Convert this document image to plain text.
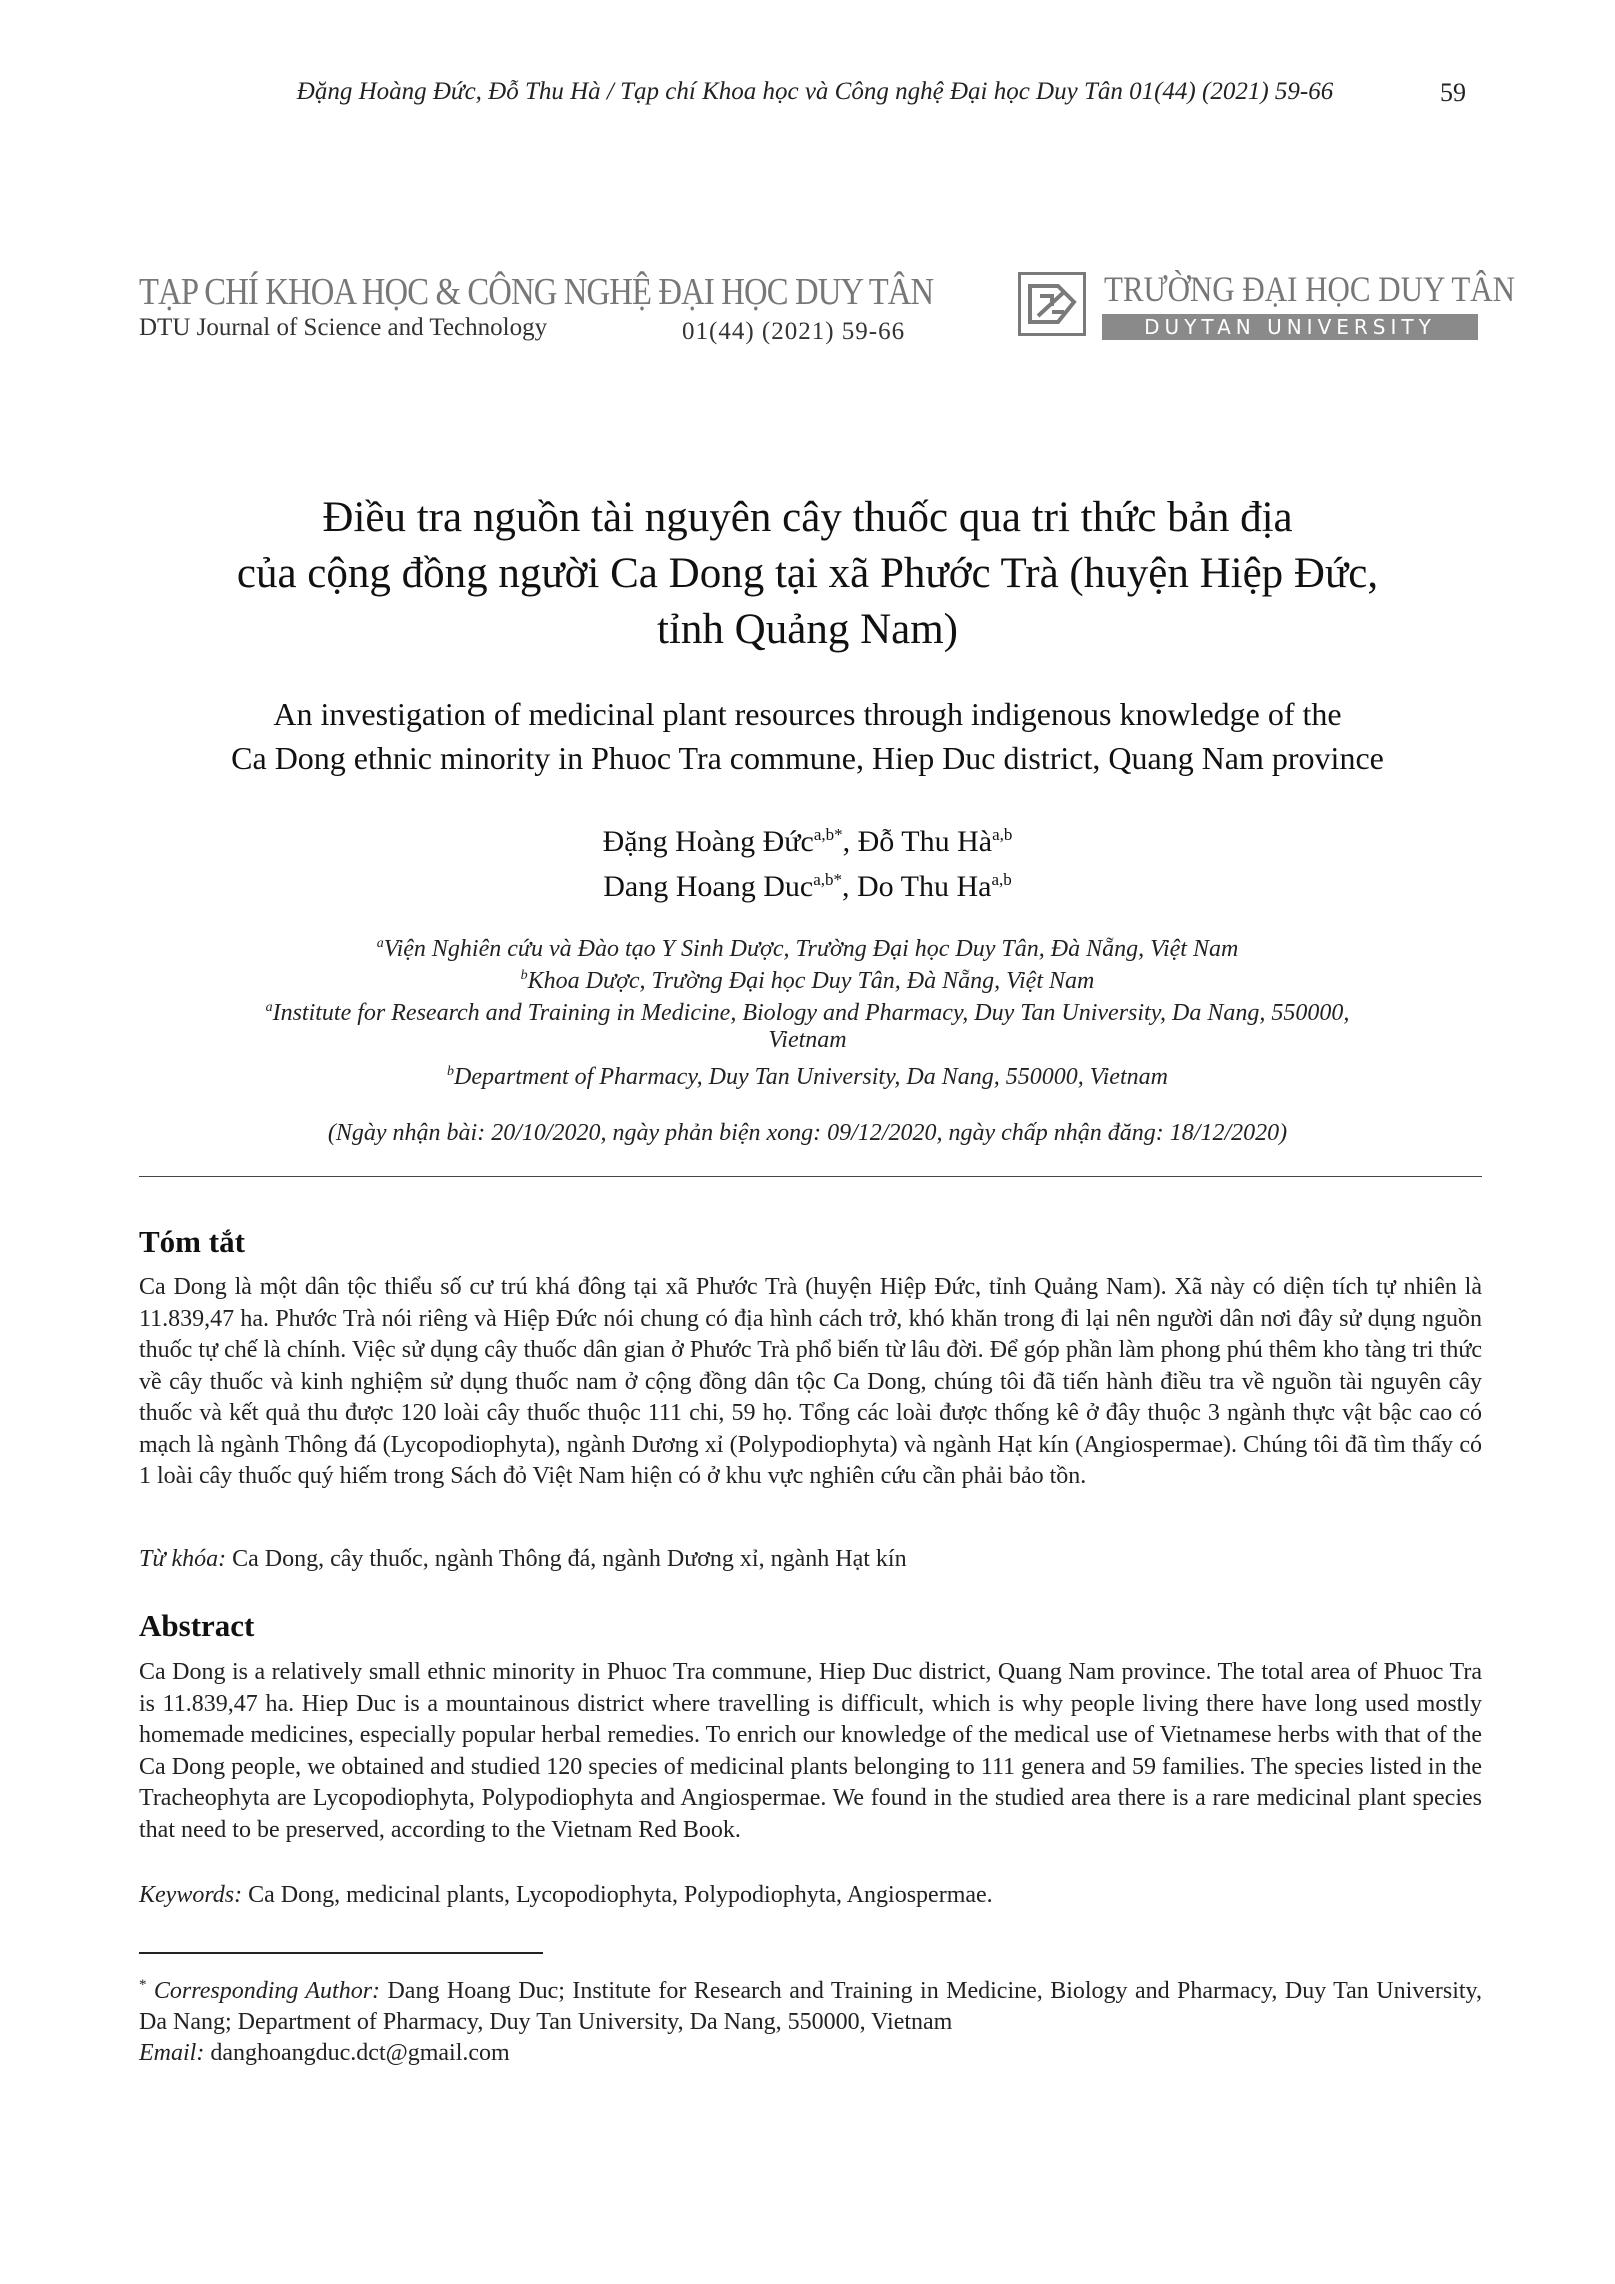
Đặng Hoàng Đức, Đỗ Thu Hà / Tạp chí Khoa học và Công nghệ Đại học Duy Tân 01(44) (2021) 59-66	59
TẠP CHÍ KHOA HỌC & CÔNG NGHỆ ĐẠI HỌC DUY TÂN
DTU Journal of Science and Technology	01(44) (2021) 59-66
TRƯỜNG ĐẠI HỌC DUY TÂN
DUYTAN UNIVERSITY
Điều tra nguồn tài nguyên cây thuốc qua tri thức bản địa
của cộng đồng người Ca Dong tại xã Phước Trà (huyện Hiệp Đức,
tỉnh Quảng Nam)
An investigation of medicinal plant resources through indigenous knowledge of the
Ca Dong ethnic minority in Phuoc Tra commune, Hiep Duc district, Quang Nam province
Đặng Hoàng Đức$^{a,b*}$, Đỗ Thu Hà$^{a,b}$
Dang Hoang Duc$^{a,b*}$, Do Thu Ha$^{a,b}$
$^a$Viện Nghiên cứu và Đào tạo Y Sinh Dược, Trường Đại học Duy Tân, Đà Nẵng, Việt Nam
$^b$Khoa Dược, Trường Đại học Duy Tân, Đà Nẵng, Việt Nam
$^a$Institute for Research and Training in Medicine, Biology and Pharmacy, Duy Tan University, Da Nang, 550000,
Vietnam
$^b$Department of Pharmacy, Duy Tan University, Da Nang, 550000, Vietnam
(Ngày nhận bài: 20/10/2020, ngày phản biện xong: 09/12/2020, ngày chấp nhận đăng: 18/12/2020)
Tóm tắt
Ca Dong là một dân tộc thiểu số cư trú khá đông tại xã Phước Trà (huyện Hiệp Đức, tỉnh Quảng Nam). Xã này có diện tích tự nhiên là 11.839,47 ha. Phước Trà nói riêng và Hiệp Đức nói chung có địa hình cách trở, khó khăn trong đi lại nên người dân nơi đây sử dụng nguồn thuốc tự chế là chính. Việc sử dụng cây thuốc dân gian ở Phước Trà phổ biến từ lâu đời. Để góp phần làm phong phú thêm kho tàng tri thức về cây thuốc và kinh nghiệm sử dụng thuốc nam ở cộng đồng dân tộc Ca Dong, chúng tôi đã tiến hành điều tra về nguồn tài nguyên cây thuốc và kết quả thu được 120 loài cây thuốc thuộc 111 chi, 59 họ. Tổng các loài được thống kê ở đây thuộc 3 ngành thực vật bậc cao có mạch là ngành Thông đá (Lycopodiophyta), ngành Dương xỉ (Polypodiophyta) và ngành Hạt kín (Angiospermae). Chúng tôi đã tìm thấy có 1 loài cây thuốc quý hiếm trong Sách đỏ Việt Nam hiện có ở khu vực nghiên cứu cần phải bảo tồn.
Từ khóa: Ca Dong, cây thuốc, ngành Thông đá, ngành Dương xỉ, ngành Hạt kín
Abstract
Ca Dong is a relatively small ethnic minority in Phuoc Tra commune, Hiep Duc district, Quang Nam province. The total area of Phuoc Tra is 11.839,47 ha. Hiep Duc is a mountainous district where travelling is difficult, which is why people living there have long used mostly homemade medicines, especially popular herbal remedies. To enrich our knowledge of the medical use of Vietnamese herbs with that of the Ca Dong people, we obtained and studied 120 species of medicinal plants belonging to 111 genera and 59 families. The species listed in the Tracheophyta are Lycopodiophyta, Polypodiophyta and Angiospermae. We found in the studied area there is a rare medicinal plant species that need to be preserved, according to the Vietnam Red Book.
Keywords: Ca Dong, medicinal plants, Lycopodiophyta, Polypodiophyta, Angiospermae.
* Corresponding Author: Dang Hoang Duc; Institute for Research and Training in Medicine, Biology and Pharmacy, Duy Tan University, Da Nang; Department of Pharmacy, Duy Tan University, Da Nang, 550000, Vietnam
Email: danghoangduc.dct@gmail.com
